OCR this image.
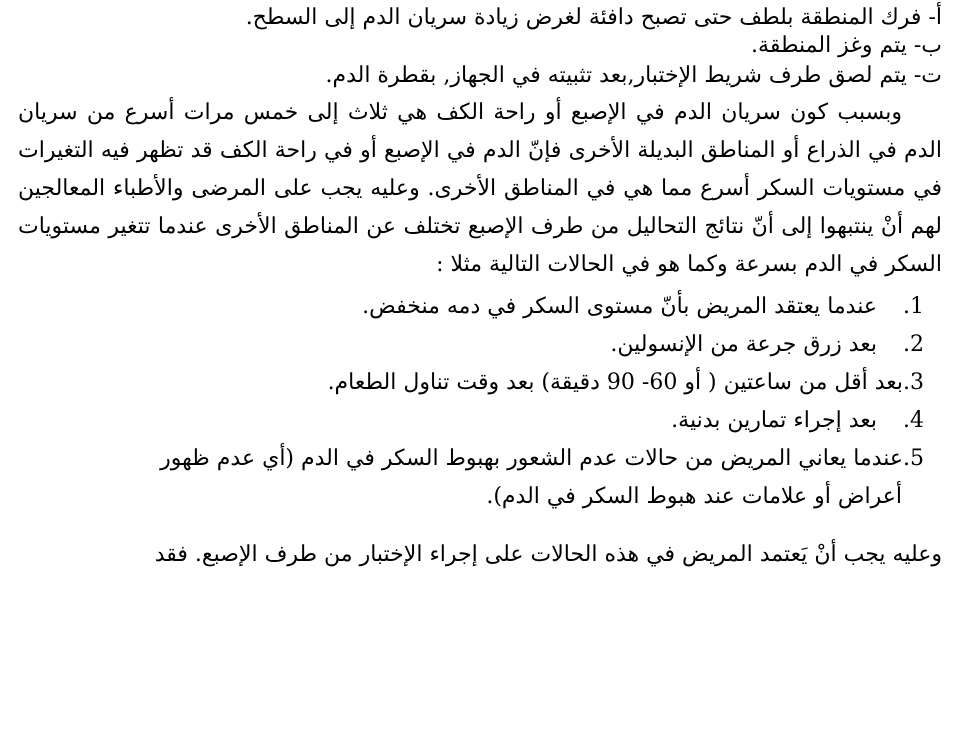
أ- فرك المنطقة بلطف حتى تصبح دافئة لغرض زيادة سريان الدم إلى السطح.

ب- يتم وغز المنطقة.

ت- يتم لصق طرف شريط الإختبار,بعد تثبيته في الجهاز, بقطرة الدم.

وبسبب كون سريان الدم في الإصبع أو راحة الكف هي ثلاث إلى خمس مرات أسرع من سريان الدم في الذراع أو المناطق البديلة الأخرى فإنّ الدم في الإصبع أو في راحة الكف قد تظهر فيه التغيرات في مستويات السكر أسرع مما هي في المناطق الأخرى. وعليه يجب على المرضى والأطباء المعالجين لهم أنْ ينتبهوا إلى أنّ نتائج التحاليل من طرف الإصبع تختلف عن المناطق الأخرى عندما تتغير مستويات السكر في الدم بسرعة وكما هو في الحالات التالية مثلا :

1. عندما يعتقد المريض بأنّ مستوى السكر في دمه منخفض.
2. بعد زرق جرعة من الإنسولين.
3.بعد أقل من ساعتين ( أو 60- 90 دقيقة) بعد وقت تناول الطعام.
4. بعد إجراء تمارين بدنية.
5.عندما يعاني المريض من حالات عدم الشعور بهبوط السكر في الدم (أي عدم ظهور
أعراض أو علامات عند هبوط السكر في الدم).

وعليه يجب أنْ يَعتمد المريض في هذه الحالات على إجراء الإختبار من طرف الإصبع. فقد
